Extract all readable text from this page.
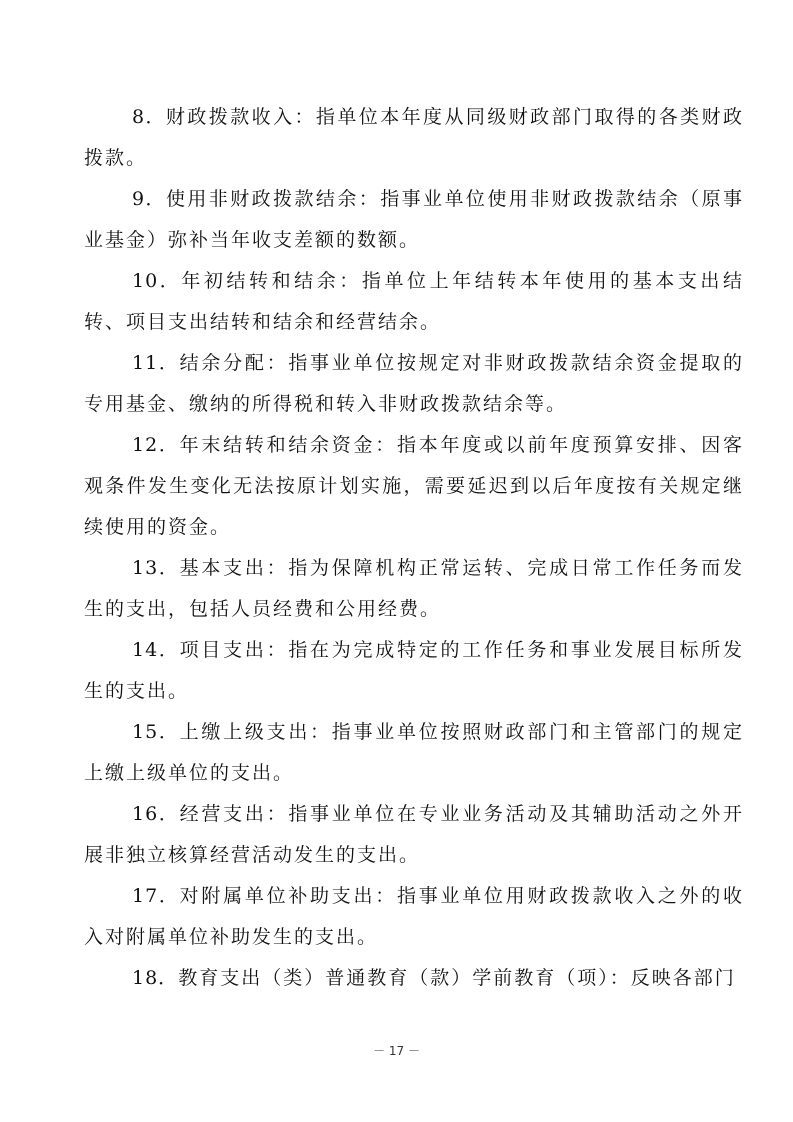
8．财政拨款收入：指单位本年度从同级财政部门取得的各类财政拨款。

9．使用非财政拨款结余：指事业单位使用非财政拨款结余（原事业基金）弥补当年收支差额的数额。

10．年初结转和结余：指单位上年结转本年使用的基本支出结转、项目支出结转和结余和经营结余。

11．结余分配：指事业单位按规定对非财政拨款结余资金提取的专用基金、缴纳的所得税和转入非财政拨款结余等。

12．年末结转和结余资金：指本年度或以前年度预算安排、因客观条件发生变化无法按原计划实施，需要延迟到以后年度按有关规定继续使用的资金。

13．基本支出：指为保障机构正常运转、完成日常工作任务而发生的支出，包括人员经费和公用经费。

14．项目支出：指在为完成特定的工作任务和事业发展目标所发生的支出。

15．上缴上级支出：指事业单位按照财政部门和主管部门的规定上缴上级单位的支出。

16．经营支出：指事业单位在专业业务活动及其辅助活动之外开展非独立核算经营活动发生的支出。

17．对附属单位补助支出：指事业单位用财政拨款收入之外的收入对附属单位补助发生的支出。

18．教育支出（类）普通教育（款）学前教育（项）：反映各部门

－ 17 －
